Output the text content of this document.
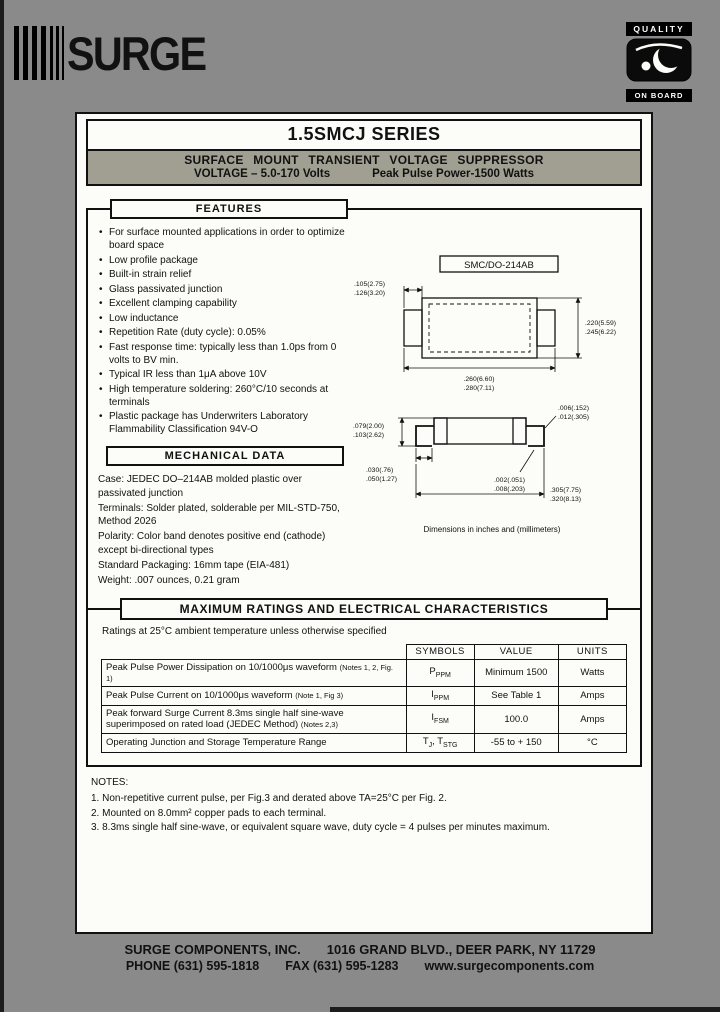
SURGE	QUALITY
ON BOARD
1.5SMCJ SERIES
SURFACE MOUNT TRANSIENT VOLTAGE SUPPRESSOR
VOLTAGE – 5.0-170 Volts	Peak Pulse Power-1500 Watts
FEATURES
• For surface mounted applications in order to optimize board space
• Low profile package
• Built-in strain relief
• Glass passivated junction
• Excellent clamping capability
• Low inductance
• Repetition Rate (duty cycle): 0.05%
• Fast response time: typically less than 1.0ps from 0 volts to BV min.
• Typical IR less than 1μA above 10V
• High temperature soldering: 260°C/10 seconds at terminals
• Plastic package has Underwriters Laboratory Flammability Classification 94V-O
MECHANICAL DATA
Case: JEDEC DO–214AB molded plastic over passivated junction
Terminals: Solder plated, solderable per MIL-STD-750, Method 2026
Polarity: Color band denotes positive end (cathode) except bi-directional types
Standard Packaging: 16mm tape (EIA-481)
Weight: .007 ounces, 0.21 gram
SMC/DO-214AB
.105(2.75)
.126(3.20)
.220(5.59)
.245(6.22)
.260(6.60)
.280(7.11)
.079(2.00)
.103(2.62)
.006(.152)
.012(.305)
.030(.76)
.050(1.27)	.002(.051)
.008(.203)	.305(7.75)
.320(8.13)
Dimensions in inches and (millimeters)
MAXIMUM RATINGS AND ELECTRICAL CHARACTERISTICS
Ratings at 25°C ambient temperature unless otherwise specified
	SYMBOLS	VALUE	UNITS
Peak Pulse Power Dissipation on 10/1000μs waveform (Notes 1, 2, Fig. 1)	$P_{PPM}$	Minimum 1500	Watts
Peak Pulse Current on 10/1000μs waveform (Note 1, Fig 3)	$I_{PPM}$	See Table 1	Amps
Peak forward Surge Current 8.3ms single half sine-wave superimposed on rated load (JEDEC Method) (Notes 2,3)	$I_{FSM}$	100.0	Amps
Operating Junction and Storage Temperature Range	$T_J$, $T_{STG}$	-55 to + 150	°C
NOTES:
1. Non-repetitive current pulse, per Fig.3 and derated above TA=25°C per Fig. 2.
2. Mounted on 8.0mm² copper pads to each terminal.
3. 8.3ms single half sine-wave, or equivalent square wave, duty cycle = 4 pulses per minutes maximum.
SURGE COMPONENTS, INC. 1016 GRAND BLVD., DEER PARK, NY 11729
PHONE (631) 595-1818 FAX (631) 595-1283 www.surgecomponents.com
